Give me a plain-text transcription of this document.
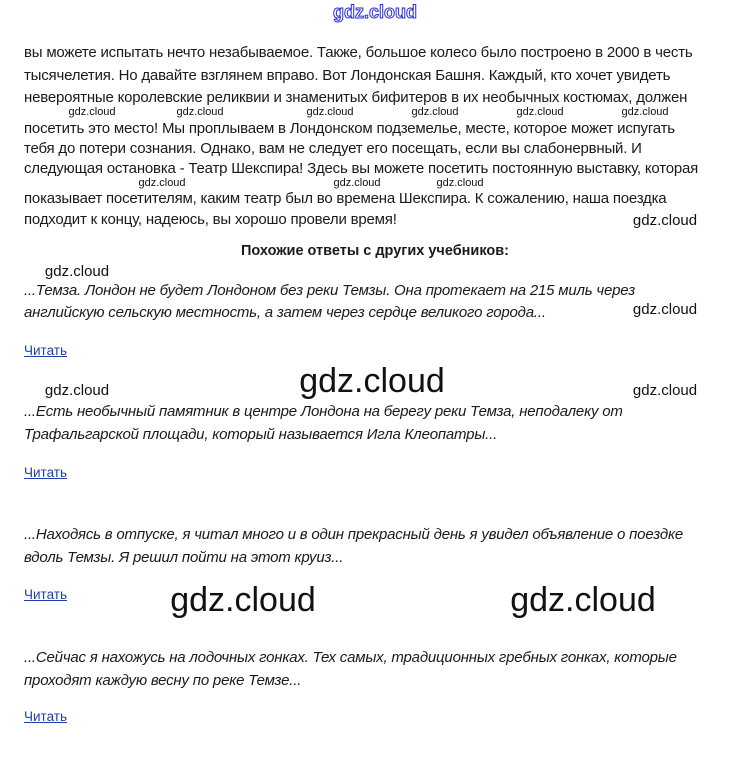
gdz.cloud
вы можете испытать нечто незабываемое. Также, большое колесо было построено в 2000 в честь
тысячелетия. Но давайте взглянем вправо. Вот Лондонская Башня. Каждый, кто хочет увидеть
невероятные королевские реликвии и знаменитых бифитеров в их необычных костюмах, должен
посетить это место! Мы проплываем в Лондонском подземелье, месте, которое может испугать
тебя до потери сознания. Однако, вам не следует его посещать, если вы слабонервный. И
следующая остановка - Театр Шекспира! Здесь вы можете посетить постоянную выставку, которая
показывает посетителям, каким театр был во времена Шекспира. К сожалению, наша поездка
подходит к концу, надеюсь, вы хорошо провели время!
Похожие ответы с других учебников:
...Темза. Лондон не будет Лондоном без реки Темзы. Она протекает на 215 миль через
английскую сельскую местность, а затем через сердце великого города...
Читать
...Есть необычный памятник в центре Лондона на берегу реки Темза, неподалеку от
Трафальгарской площади, который называется Игла Клеопатры...
Читать
...Находясь в отпуске, я читал много и в один прекрасный день я увидел объявление о поездке
вдоль Темзы. Я решил пойти на этот круиз...
Читать
...Сейчас я нахожусь на лодочных гонках. Тех самых, традиционных гребных гонках, которые
проходят каждую весну по реке Темзе...
Читать
gdz.cloud	gdz.cloud	gdz.cloud	gdz.cloud	gdz.cloud	gdz.cloud
gdz.cloud	gdz.cloud	gdz.cloud
gdz.cloud
gdz.cloud
gdz.cloud
gdz.cloud	gdz.cloud
gdz.cloud
gdz.cloud	gdz.cloud
